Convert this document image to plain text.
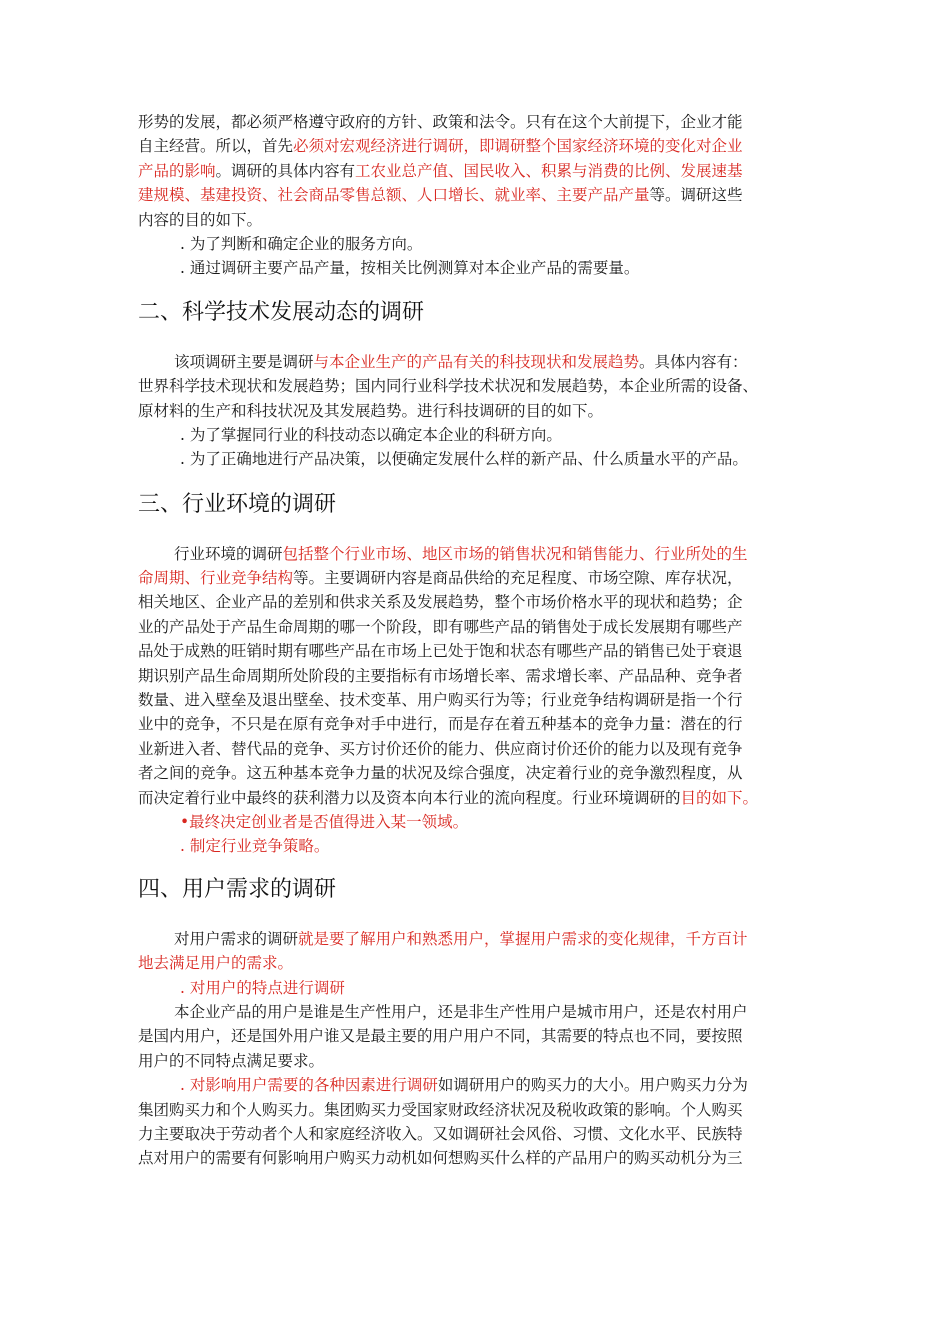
形势的发展，都必须严格遵守政府的方针、政策和法令。只有在这个大前提下，企业才能
自主经营。所以，首先必须对宏观经济进行调研，即调研整个国家经济环境的变化对企业
产品的影响。调研的具体内容有工农业总产值、国民收入、积累与消费的比例、发展速基
建规模、基建投资、社会商品零售总额、人口增长、就业率、主要产品产量等。调研这些
内容的目的如下。
. 为了判断和确定企业的服务方向。
. 通过调研主要产品产量，按相关比例测算对本企业产品的需要量。
二、科学技术发展动态的调研
该项调研主要是调研与本企业生产的产品有关的科技现状和发展趋势。具体内容有：
世界科学技术现状和发展趋势；国内同行业科学技术状况和发展趋势，本企业所需的设备、
原材料的生产和科技状况及其发展趋势。进行科技调研的目的如下。
. 为了掌握同行业的科技动态以确定本企业的科研方向。
. 为了正确地进行产品决策，以便确定发展什么样的新产品、什么质量水平的产品。
三、行业环境的调研
行业环境的调研包括整个行业市场、地区市场的销售状况和销售能力、行业所处的生
命周期、行业竞争结构等。主要调研内容是商品供给的充足程度、市场空隙、库存状况，
相关地区、企业产品的差别和供求关系及发展趋势，整个市场价格水平的现状和趋势；企
业的产品处于产品生命周期的哪一个阶段，即有哪些产品的销售处于成长发展期有哪些产
品处于成熟的旺销时期有哪些产品在市场上已处于饱和状态有哪些产品的销售已处于衰退
期识别产品生命周期所处阶段的主要指标有市场增长率、需求增长率、产品品种、竞争者
数量、进入壁垒及退出壁垒、技术变革、用户购买行为等；行业竞争结构调研是指一个行
业中的竞争，不只是在原有竞争对手中进行，而是存在着五种基本的竞争力量：潜在的行
业新进入者、替代品的竞争、买方讨价还价的能力、供应商讨价还价的能力以及现有竞争
者之间的竞争。这五种基本竞争力量的状况及综合强度，决定着行业的竞争激烈程度，从
而决定着行业中最终的获利潜力以及资本向本行业的流向程度。行业环境调研的目的如下。
•最终决定创业者是否值得进入某一领域。
. 制定行业竞争策略。
四、用户需求的调研
对用户需求的调研就是要了解用户和熟悉用户，掌握用户需求的变化规律，千方百计
地去满足用户的需求。
. 对用户的特点进行调研
本企业产品的用户是谁是生产性用户，还是非生产性用户是城市用户，还是农村用户
是国内用户，还是国外用户谁又是最主要的用户用户不同，其需要的特点也不同，要按照
用户的不同特点满足要求。
. 对影响用户需要的各种因素进行调研如调研用户的购买力的大小。用户购买力分为
集团购买力和个人购买力。集团购买力受国家财政经济状况及税收政策的影响。个人购买
力主要取决于劳动者个人和家庭经济收入。又如调研社会风俗、习惯、文化水平、民族特
点对用户的需要有何影响用户购买力动机如何想购买什么样的产品用户的购买动机分为三
